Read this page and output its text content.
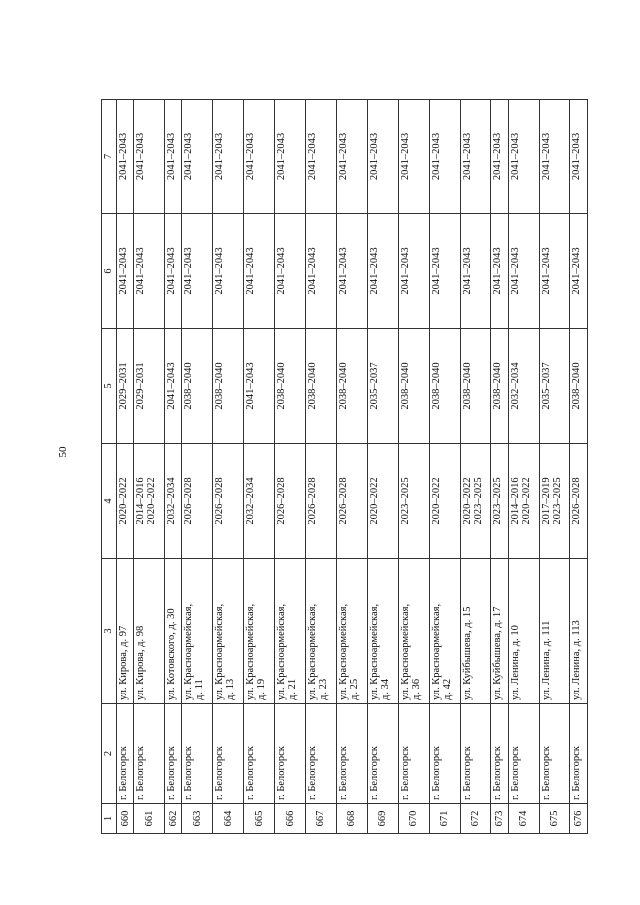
50
1	2	3	4	5	6	7
660	г. Белогорск	ул. Кирова, д. 97	2020–2022	2029–2031	2041–2043	2041–2043
661	г. Белогорск	ул. Кирова, д. 98	2014–2016 2020–2022	2029–2031	2041–2043	2041–2043
662	г. Белогорск	ул. Котовского, д. 30	2032–2034	2041–2043	2041–2043	2041–2043
663	г. Белогорск	ул. Красноармейская, д. 11	2026–2028	2038–2040	2041–2043	2041–2043
664	г. Белогорск	ул. Красноармейская, д. 13	2026–2028	2038–2040	2041–2043	2041–2043
665	г. Белогорск	ул. Красноармейская, д. 19	2032–2034	2041–2043	2041–2043	2041–2043
666	г. Белогорск	ул. Красноармейская, д. 21	2026–2028	2038–2040	2041–2043	2041–2043
667	г. Белогорск	ул. Красноармейская, д. 23	2026–2028	2038–2040	2041–2043	2041–2043
668	г. Белогорск	ул. Красноармейская, д. 25	2026–2028	2038–2040	2041–2043	2041–2043
669	г. Белогорск	ул. Красноармейская, д. 34	2020–2022	2035–2037	2041–2043	2041–2043
670	г. Белогорск	ул. Красноармейская, д. 36	2023–2025	2038–2040	2041–2043	2041–2043
671	г. Белогорск	ул. Красноармейская, д. 42	2020–2022	2038–2040	2041–2043	2041–2043
672	г. Белогорск	ул. Куйбышева, д. 15	2020–2022 2023–2025	2038–2040	2041–2043	2041–2043
673	г. Белогорск	ул. Куйбышева, д. 17	2023–2025	2038–2040	2041–2043	2041–2043
674	г. Белогорск	ул. Ленина, д. 10	2014–2016 2020–2022	2032–2034	2041–2043	2041–2043
675	г. Белогорск	ул. Ленина, д. 111	2017–2019 2023–2025	2035–2037	2041–2043	2041–2043
676	г. Белогорск	ул. Ленина, д. 113	2026–2028	2038–2040	2041–2043	2041–2043
